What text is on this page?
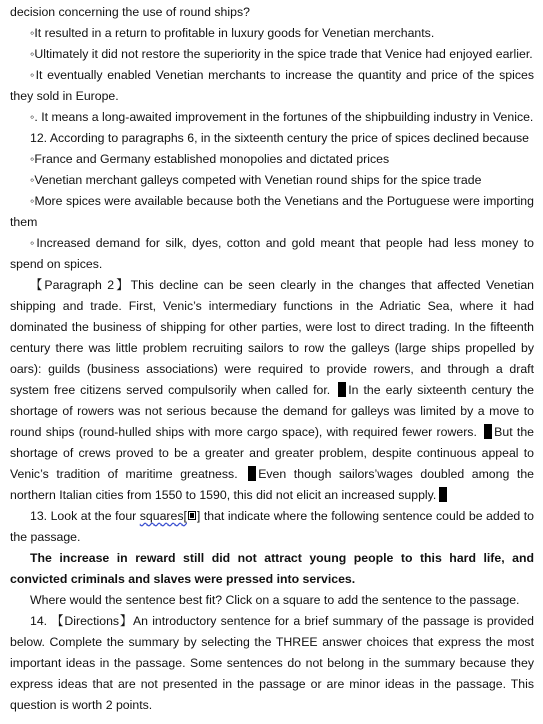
decision concerning the use of round ships?

◦It resulted in a return to profitable in luxury goods for Venetian merchants.

◦Ultimately it did not restore the superiority in the spice trade that Venice had enjoyed earlier.

◦It eventually enabled Venetian merchants to increase the quantity and price of the spices they sold in Europe.

◦. It means a long-awaited improvement in the fortunes of the shipbuilding industry in Venice.

12. According to paragraphs 6, in the sixteenth century the price of spices declined because

◦France and Germany established monopolies and dictated prices

◦Venetian merchant galleys competed with Venetian round ships for the spice trade

◦More spices were available because both the Venetians and the Portuguese were importing them

◦Increased demand for silk, dyes, cotton and gold meant that people had less money to spend on spices.

【Paragraph 2】This decline can be seen clearly in the changes that affected Venetian shipping and trade. First, Venic’s intermediary functions in the Adriatic Sea, where it had dominated the business of shipping for other parties, were lost to direct trading. In the fifteenth century there was little problem recruiting sailors to row the galleys (large ships propelled by oars): guilds (business associations) were required to provide rowers, and through a draft system free citizens served compulsorily when called for. In the early sixteenth century the shortage of rowers was not serious because the demand for galleys was limited by a move to round ships (round-hulled ships with more cargo space), with required fewer rowers. But the shortage of crews proved to be a greater and greater problem, despite continuous appeal to Venic’s tradition of maritime greatness. Even though sailors’wages doubled among the northern Italian cities from 1550 to 1590, this did not elicit an increased supply.

13. Look at the four squares[ ] that indicate where the following sentence could be added to the passage.

The increase in reward still did not attract young people to this hard life, and convicted criminals and slaves were pressed into services.

Where would the sentence best fit? Click on a square to add the sentence to the passage.

14. 【Directions】An introductory sentence for a brief summary of the passage is provided below. Complete the summary by selecting the THREE answer choices that express the most important ideas in the passage. Some sentences do not belong in the summary because they express ideas that are not presented in the passage or are minor ideas in the passage. This question is worth 2 points.
